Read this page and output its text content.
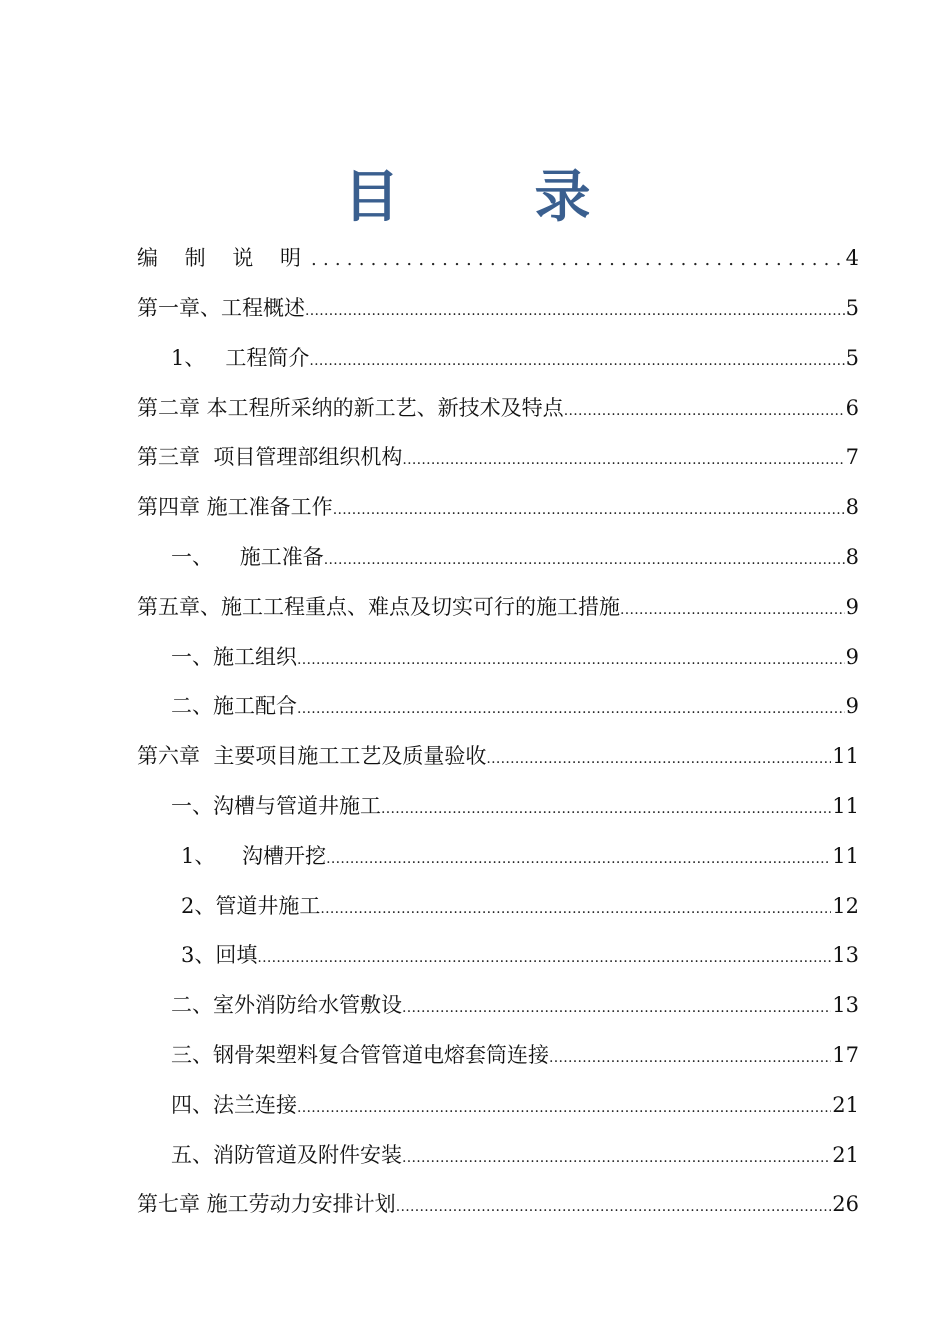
目  录
编 制 说 明 .....	4
第一章、工程概述 .....	5
1、   工程简介 .....	5
第二章 本工程所采纳的新工艺、新技术及特点 .....	6
第三章  项目管理部组织机构 .....	7
第四章 施工准备工作 .....	8
一、    施工准备 .....	8
第五章、施工工程重点、难点及切实可行的施工措施 .....	9
一、施工组织 .....	9
二、施工配合 .....	9
第六章  主要项目施工工艺及质量验收 .....	11
一、沟槽与管道井施工 .....	11
1、    沟槽开挖 .....	11
2、管道井施工 .....	12
3、回填 .....	13
二、室外消防给水管敷设 .....	13
三、钢骨架塑料复合管管道电熔套筒连接 .....	17
四、法兰连接 .....	21
五、消防管道及附件安装 .....	21
第七章 施工劳动力安排计划 .....	26
